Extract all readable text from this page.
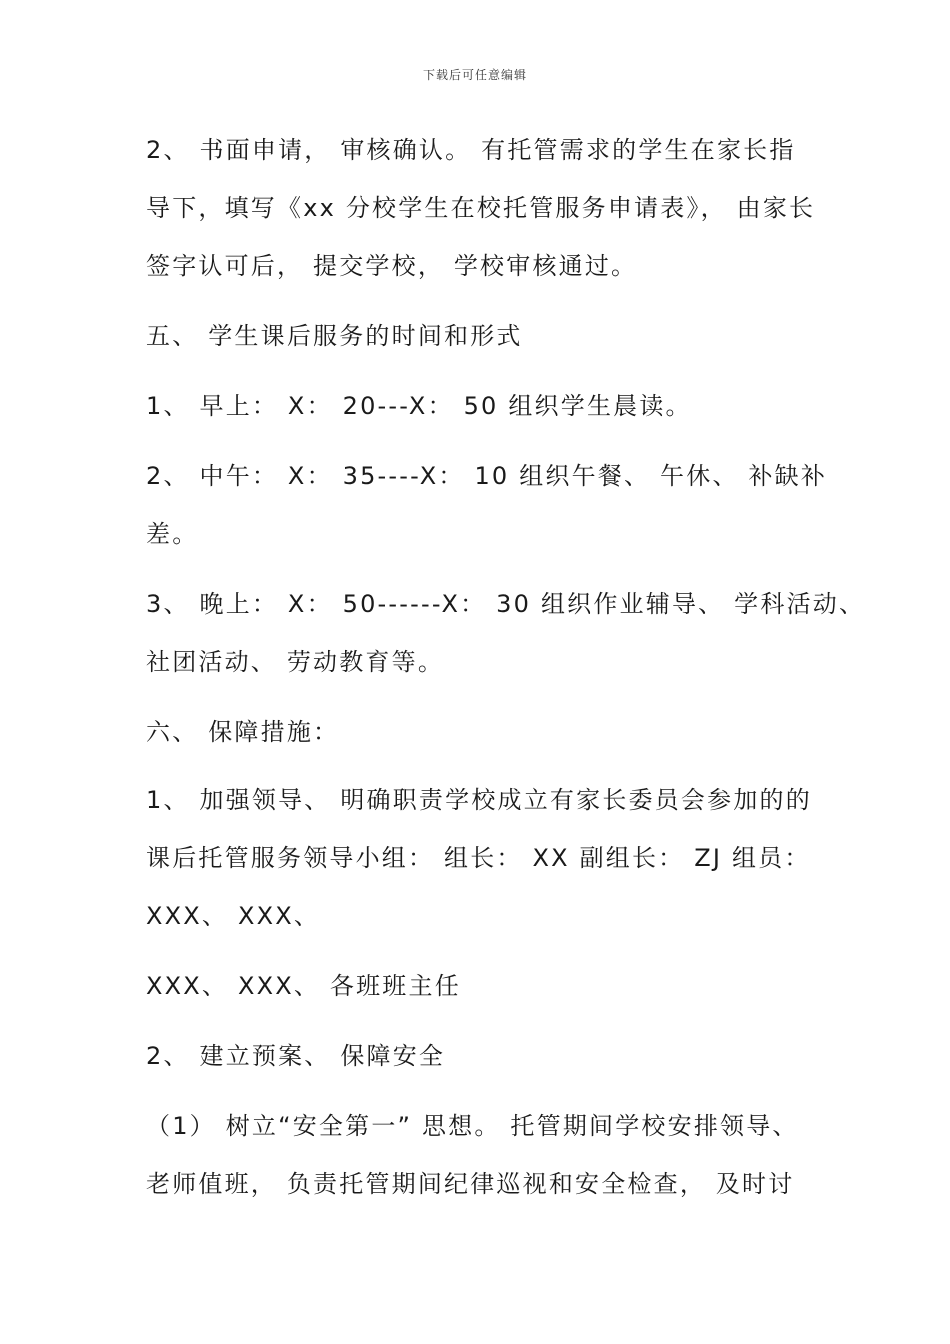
下载后可任意编辑
2、 书面申请， 审核确认。 有托管需求的学生在家长指
导下，填写《xx 分校学生在校托管服务申请表》， 由家长
签字认可后， 提交学校， 学校审核通过。
五、 学生课后服务的时间和形式
1、 早上： X： 20---X： 50 组织学生晨读。
2、 中午： X： 35----X： 10 组织午餐、 午休、 补缺补
差。
3、 晚上： X： 50------X： 30 组织作业辅导、 学科活动、
社团活动、 劳动教育等。
六、 保障措施：
1、 加强领导、 明确职责学校成立有家长委员会参加的的
课后托管服务领导小组： 组长： XX 副组长： ZJ 组员：
XXX、 XXX、
XXX、 XXX、 各班班主任
2、 建立预案、 保障安全
（1） 树立“安全第一” 思想。 托管期间学校安排领导、
老师值班， 负责托管期间纪律巡视和安全检查， 及时讨
